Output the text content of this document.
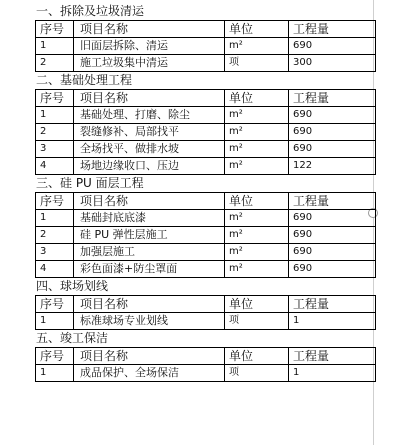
一、拆除及垃圾清运
序号	项目名称	单位	工程量
1	旧面层拆除、清运	m²	690
2	施工垃圾集中清运	项	300
二、基础处理工程
序号	项目名称	单位	工程量
1	基础处理、打磨、除尘	m²	690
2	裂缝修补、局部找平	m²	690
3	全场找平、做排水坡	m²	690
4	场地边缘收口、压边	m²	122
三、硅 PU 面层工程
序号	项目名称	单位	工程量
1	基础封底底漆	m²	690
2	硅 PU 弹性层施工	m²	690
3	加强层施工	m²	690
4	彩色面漆+防尘罩面	m²	690
四、球场划线
序号	项目名称	单位	工程量
1	标准球场专业划线	项	1
五、竣工保洁
序号	项目名称	单位	工程量
1	成品保护、全场保洁	项	1
